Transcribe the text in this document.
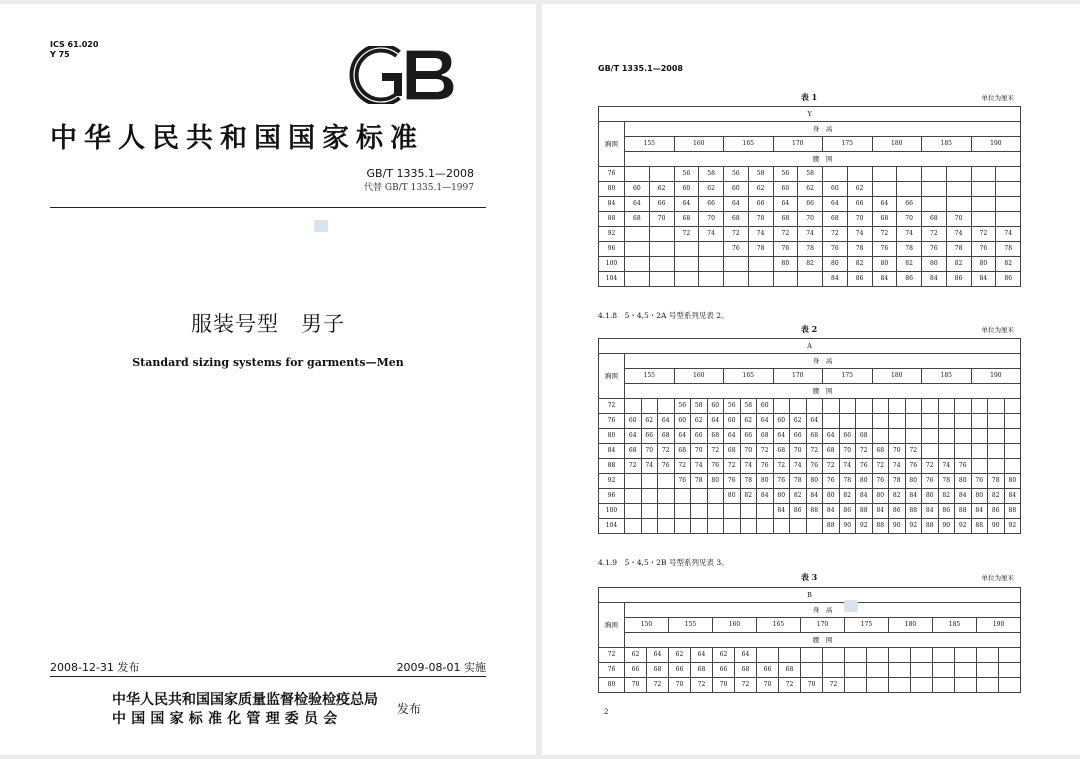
ICS 61.020
Y 75
中华人民共和国国家标准
GB/T 1335.1—2008
代替 GB/T 1335.1—1997
服装号型　男子
Standard sizing systems for garments—Men
2008-12-31 发布	2009-08-01 实施
中华人民共和国国家质量监督检验检疫总局
中国国家标准化管理委员会
发布
GB/T 1335.1—2008
表 1	单位为厘米
Y																
胸围	身　高															
	155		160		165		170		175		180		185		190	
	腰　围															
76			56	58	56	58	56	58								
80	60	62	60	62	60	62	60	62	60	62						
84	64	66	64	66	64	66	64	66	64	66	64	66				
88	68	70	68	70	68	70	68	70	68	70	68	70	68	70		
92			72	74	72	74	72	74	72	74	72	74	72	74	72	74
96					76	78	76	78	76	78	76	78	76	78	76	78
100							80	82	80	82	80	82	80	82	80	82
104									84	86	84	86	84	86	84	86
4.1.8　5・4,5・2A 号型系列见表 2。
表 2	单位为厘米
A																								
胸围	身　高																							
	155			160			165			170			175			180			185			190		
	腰　围																							
72				56	58	60	56	58	60															
76	60	62	64	60	62	64	60	62	64	60	62	64												
80	64	66	68	64	66	68	64	66	68	64	66	68	64	66	68									
84	68	70	72	68	70	72	68	70	72	68	70	72	68	70	72	68	70	72						
88	72	74	76	72	74	76	72	74	76	72	74	76	72	74	76	72	74	76	72	74	76			
92				76	78	80	76	78	80	76	78	80	76	78	80	76	78	80	76	78	80	76	78	80
96							80	82	84	80	82	84	80	82	84	80	82	84	80	82	84	80	82	84
100										84	86	88	84	86	88	84	86	88	84	86	88	84	86	88
104													88	90	92	88	90	92	88	90	92	88	90	92
4.1.9　5・4,5・2B 号型系列见表 3。
表 3	单位为厘米
B																		
胸围	身　高																	
	150		155		160		165		170		175		180		185		190	
	腰　围																	
72	62	64	62	64	62	64												
76	66	68	66	68	66	68	66	68										
80	70	72	70	72	70	72	70	72	70	72								
2
